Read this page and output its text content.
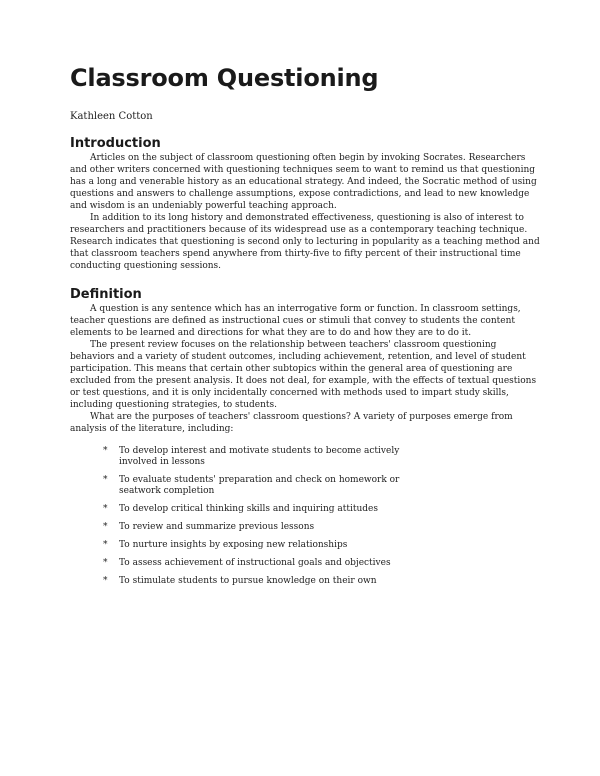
Classroom Questioning
Kathleen Cotton
Introduction

Articles on the subject of classroom questioning often begin by invoking Socrates. Researchers and other writers concerned with questioning techniques seem to want to remind us that questioning has a long and venerable history as an educational strategy. And indeed, the Socratic method of using questions and answers to challenge assumptions, expose contradictions, and lead to new knowledge and wisdom is an undeniably powerful teaching approach.

In addition to its long history and demonstrated effectiveness, questioning is also of interest to researchers and practitioners because of its widespread use as a contemporary teaching technique. Research indicates that questioning is second only to lecturing in popularity as a teaching method and that classroom teachers spend anywhere from thirty-five to fifty percent of their instructional time conducting questioning sessions.

Definition

A question is any sentence which has an interrogative form or function. In classroom settings, teacher questions are defined as instructional cues or stimuli that convey to students the content elements to be learned and directions for what they are to do and how they are to do it.

The present review focuses on the relationship between teachers' classroom questioning behaviors and a variety of student outcomes, including achievement, retention, and level of student participation. This means that certain other subtopics within the general area of questioning are excluded from the present analysis. It does not deal, for example, with the effects of textual questions or test questions, and it is only incidentally concerned with methods used to impart study skills, including questioning strategies, to students.

What are the purposes of teachers' classroom questions? A variety of purposes emerge from analysis of the literature, including:

* To develop interest and motivate students to become actively involved in lessons
* To evaluate students' preparation and check on homework or seatwork completion
* To develop critical thinking skills and inquiring attitudes
* To review and summarize previous lessons
* To nurture insights by exposing new relationships
* To assess achievement of instructional goals and objectives
* To stimulate students to pursue knowledge on their own
